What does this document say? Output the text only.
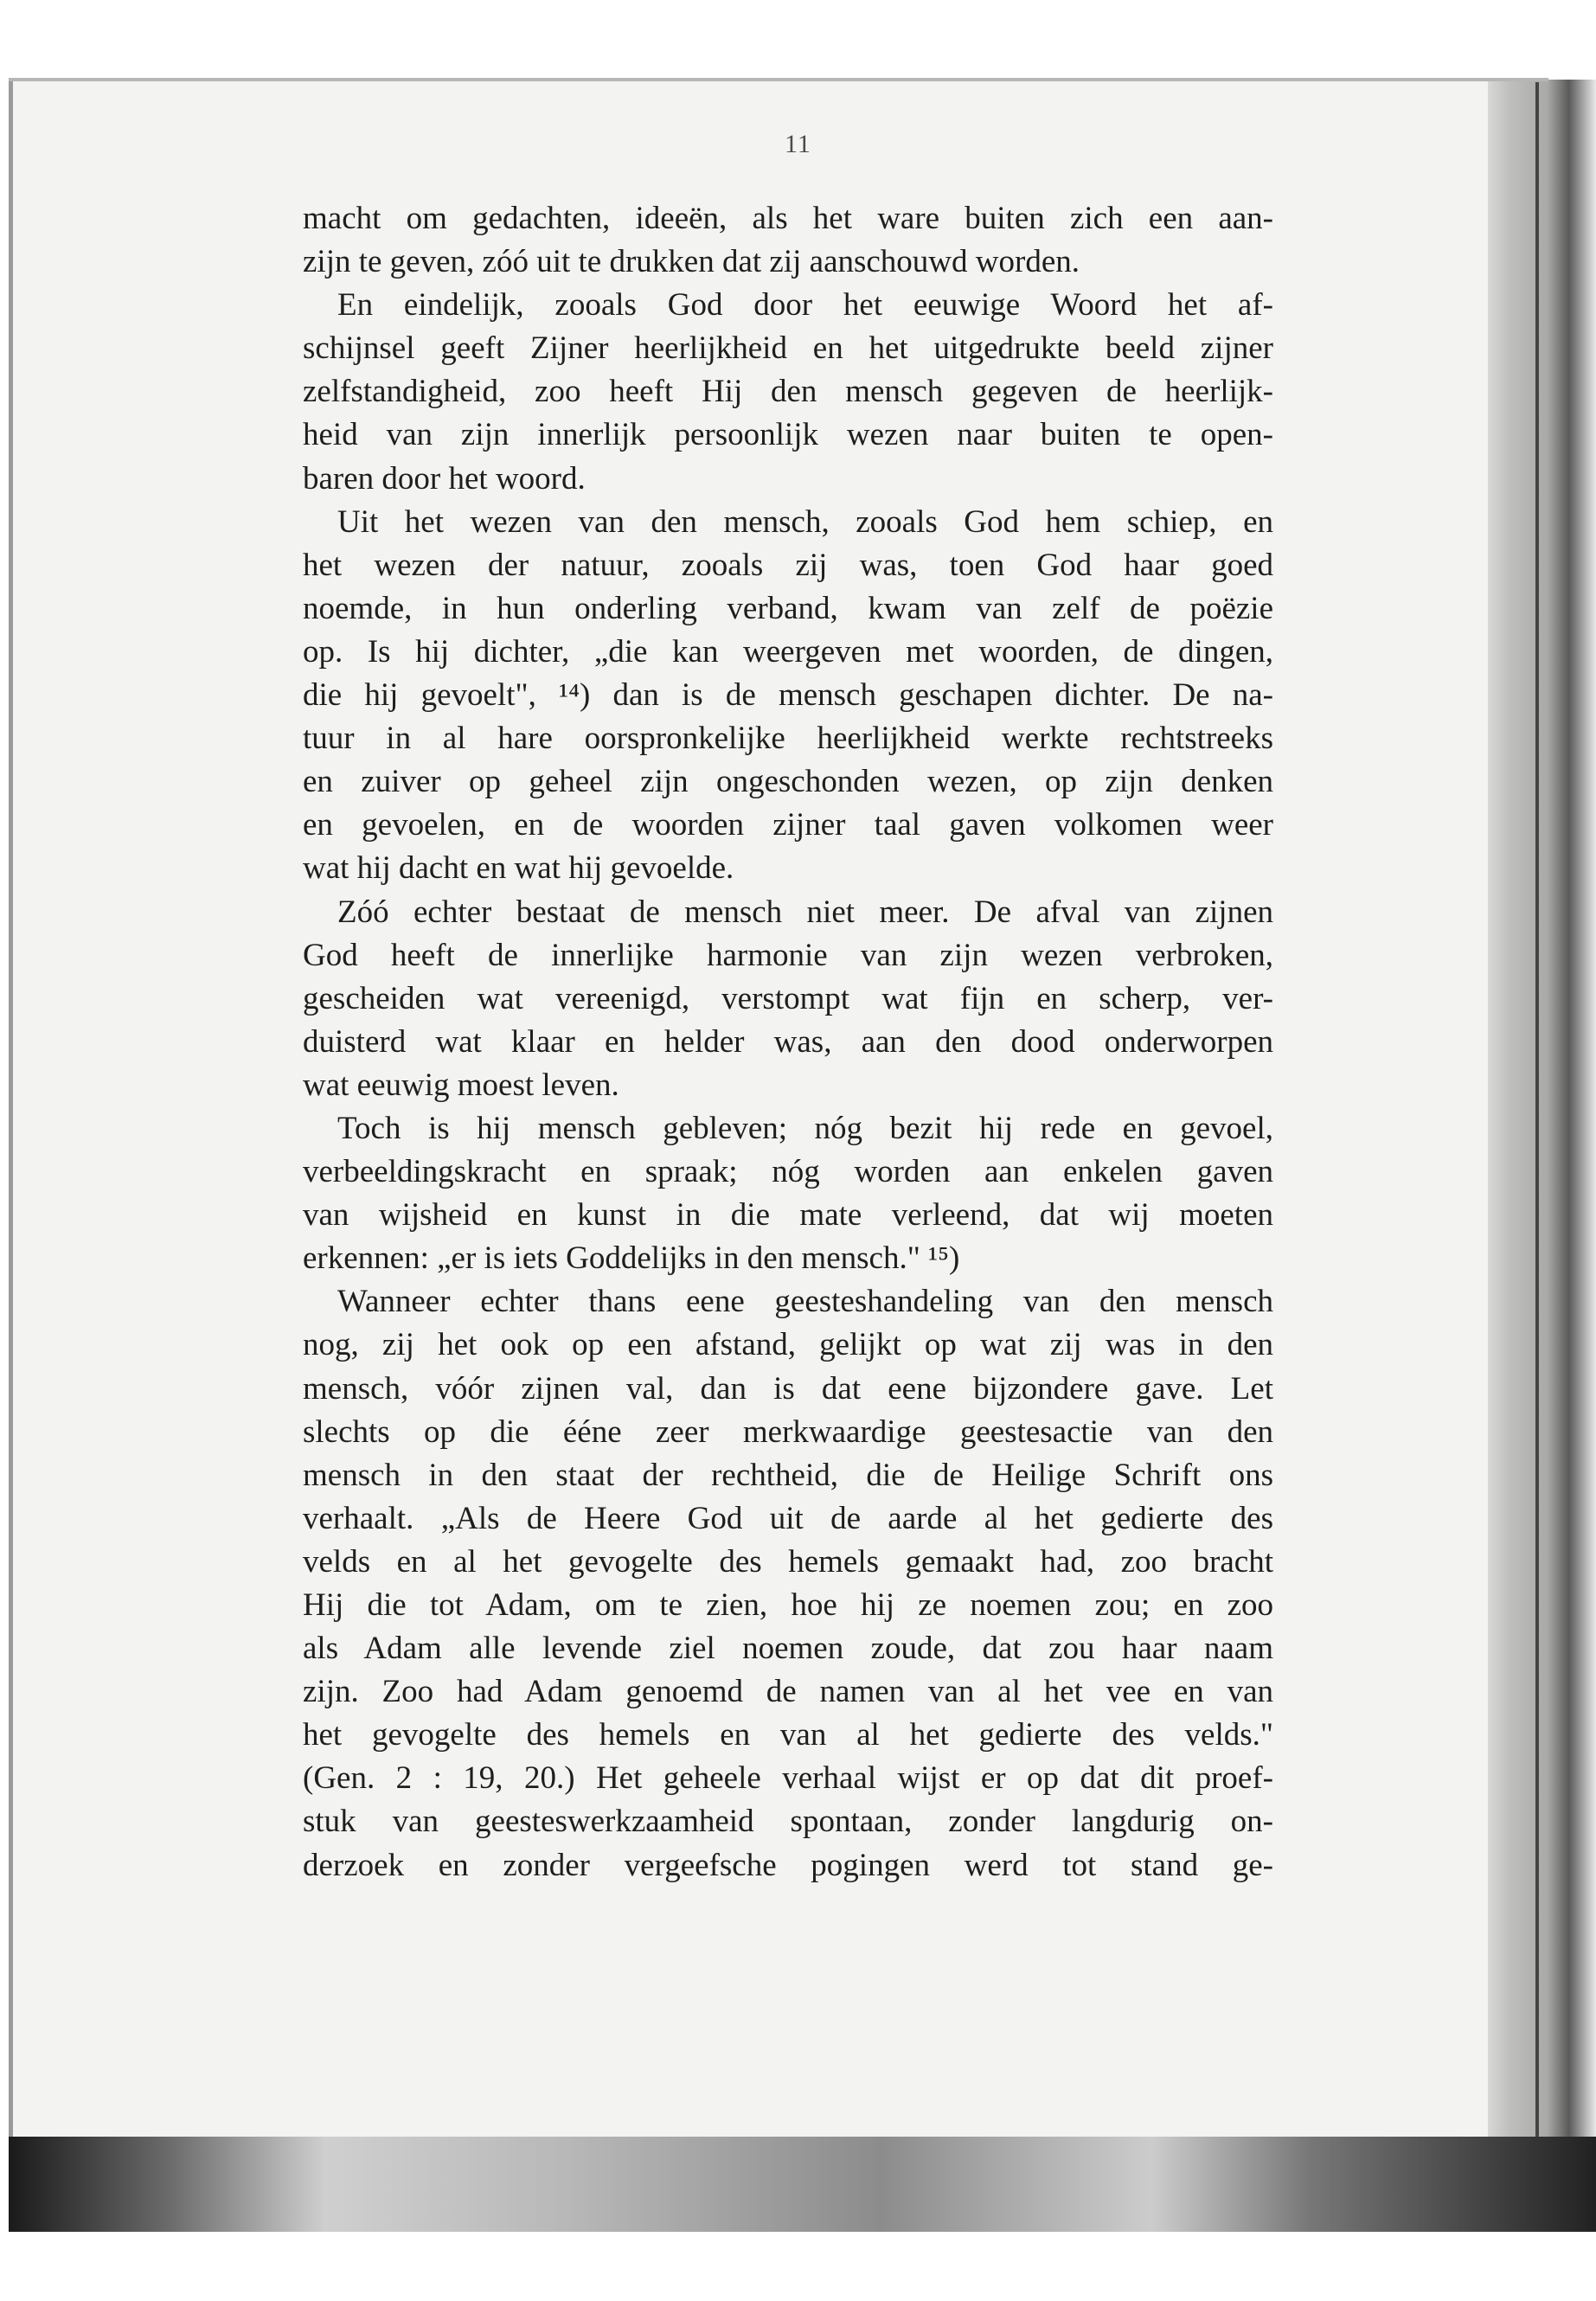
11
macht om gedachten, ideeën, als het ware buiten zich een aan-
zijn te geven, zóó uit te drukken dat zij aanschouwd worden.
En eindelijk, zooals God door het eeuwige Woord het af-
schijnsel geeft Zijner heerlijkheid en het uitgedrukte beeld zijner
zelfstandigheid, zoo heeft Hij den mensch gegeven de heerlijk-
heid van zijn innerlijk persoonlijk wezen naar buiten te open-
baren door het woord.
Uit het wezen van den mensch, zooals God hem schiep, en
het wezen der natuur, zooals zij was, toen God haar goed
noemde, in hun onderling verband, kwam van zelf de poëzie
op. Is hij dichter, „die kan weergeven met woorden, de dingen,
die hij gevoelt", ¹⁴) dan is de mensch geschapen dichter. De na-
tuur in al hare oorspronkelijke heerlijkheid werkte rechtstreeks
en zuiver op geheel zijn ongeschonden wezen, op zijn denken
en gevoelen, en de woorden zijner taal gaven volkomen weer
wat hij dacht en wat hij gevoelde.
Zóó echter bestaat de mensch niet meer. De afval van zijnen
God heeft de innerlijke harmonie van zijn wezen verbroken,
gescheiden wat vereenigd, verstompt wat fijn en scherp, ver-
duisterd wat klaar en helder was, aan den dood onderworpen
wat eeuwig moest leven.
Toch is hij mensch gebleven; nóg bezit hij rede en gevoel,
verbeeldingskracht en spraak; nóg worden aan enkelen gaven
van wijsheid en kunst in die mate verleend, dat wij moeten
erkennen: „er is iets Goddelijks in den mensch." ¹⁵)
Wanneer echter thans eene geesteshandeling van den mensch
nog, zij het ook op een afstand, gelijkt op wat zij was in den
mensch, vóór zijnen val, dan is dat eene bijzondere gave. Let
slechts op die ééne zeer merkwaardige geestesactie van den
mensch in den staat der rechtheid, die de Heilige Schrift ons
verhaalt. „Als de Heere God uit de aarde al het gedierte des
velds en al het gevogelte des hemels gemaakt had, zoo bracht
Hij die tot Adam, om te zien, hoe hij ze noemen zou; en zoo
als Adam alle levende ziel noemen zoude, dat zou haar naam
zijn. Zoo had Adam genoemd de namen van al het vee en van
het gevogelte des hemels en van al het gedierte des velds."
(Gen. 2 : 19, 20.) Het geheele verhaal wijst er op dat dit proef-
stuk van geesteswerkzaamheid spontaan, zonder langdurig on-
derzoek en zonder vergeefsche pogingen werd tot stand ge-
